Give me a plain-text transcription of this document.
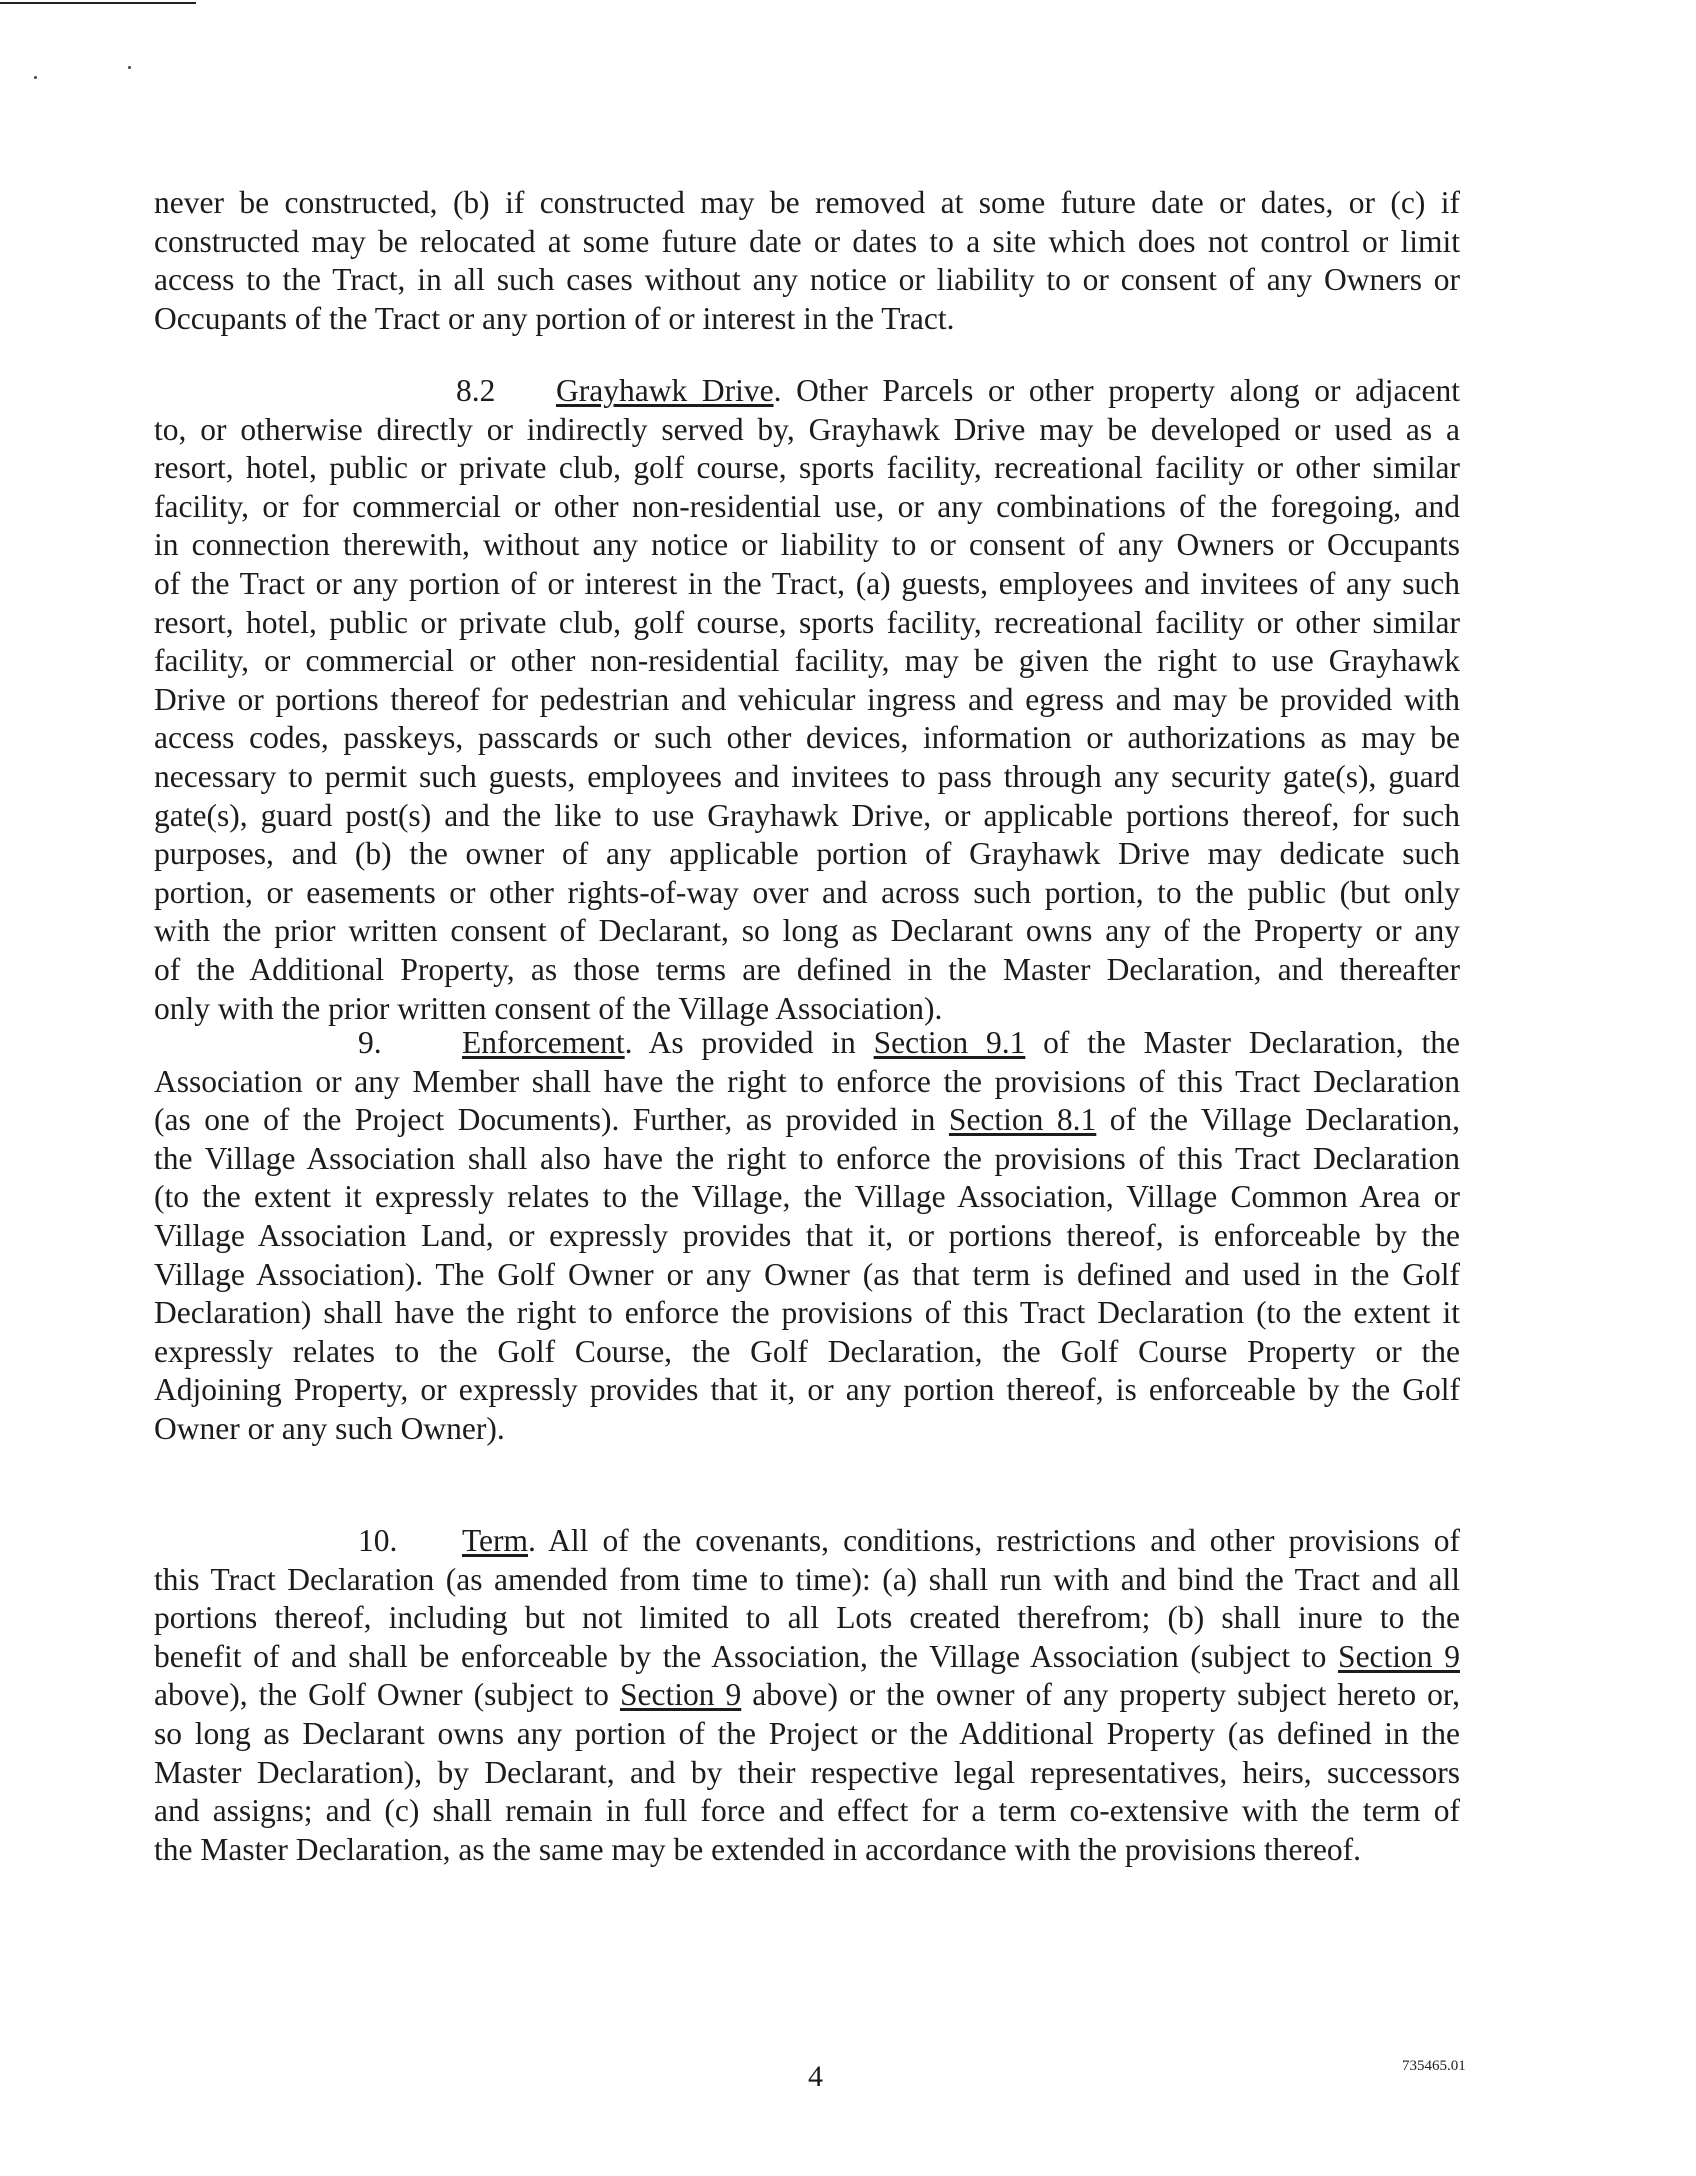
never be constructed, (b) if constructed may be removed at some future date or dates, or (c) if
constructed may be relocated at some future date or dates to a site which does not control or limit
access to the Tract, in all such cases without any notice or liability to or consent of any Owners or
Occupants of the Tract or any portion of or interest in the Tract.
8.2 Grayhawk Drive. Other Parcels or other property along or adjacent
to, or otherwise directly or indirectly served by, Grayhawk Drive may be developed or used as a
resort, hotel, public or private club, golf course, sports facility, recreational facility or other similar
facility, or for commercial or other non-residential use, or any combinations of the foregoing, and
in connection therewith, without any notice or liability to or consent of any Owners or Occupants
of the Tract or any portion of or interest in the Tract, (a) guests, employees and invitees of any such
resort, hotel, public or private club, golf course, sports facility, recreational facility or other similar
facility, or commercial or other non-residential facility, may be given the right to use Grayhawk
Drive or portions thereof for pedestrian and vehicular ingress and egress and may be provided with
access codes, passkeys, passcards or such other devices, information or authorizations as may be
necessary to permit such guests, employees and invitees to pass through any security gate(s), guard
gate(s), guard post(s) and the like to use Grayhawk Drive, or applicable portions thereof, for such
purposes, and (b) the owner of any applicable portion of Grayhawk Drive may dedicate such
portion, or easements or other rights-of-way over and across such portion, to the public (but only
with the prior written consent of Declarant, so long as Declarant owns any of the Property or any
of the Additional Property, as those terms are defined in the Master Declaration, and thereafter
only with the prior written consent of the Village Association).
9.	Enforcement. As provided in Section 9.1 of the Master Declaration, the
Association or any Member shall have the right to enforce the provisions of this Tract Declaration
(as one of the Project Documents). Further, as provided in Section 8.1 of the Village Declaration,
the Village Association shall also have the right to enforce the provisions of this Tract Declaration
(to the extent it expressly relates to the Village, the Village Association, Village Common Area or
Village Association Land, or expressly provides that it, or portions thereof, is enforceable by the
Village Association). The Golf Owner or any Owner (as that term is defined and used in the Golf
Declaration) shall have the right to enforce the provisions of this Tract Declaration (to the extent it
expressly relates to the Golf Course, the Golf Declaration, the Golf Course Property or the
Adjoining Property, or expressly provides that it, or any portion thereof, is enforceable by the Golf
Owner or any such Owner).
10. Term. All of the covenants, conditions, restrictions and other provisions of
this Tract Declaration (as amended from time to time): (a) shall run with and bind the Tract and all
portions thereof, including but not limited to all Lots created therefrom; (b) shall inure to the
benefit of and shall be enforceable by the Association, the Village Association (subject to Section 9
above), the Golf Owner (subject to Section 9 above) or the owner of any property subject hereto or,
so long as Declarant owns any portion of the Project or the Additional Property (as defined in the
Master Declaration), by Declarant, and by their respective legal representatives, heirs, successors
and assigns; and (c) shall remain in full force and effect for a term co-extensive with the term of
the Master Declaration, as the same may be extended in accordance with the provisions thereof.
4	735465.01
